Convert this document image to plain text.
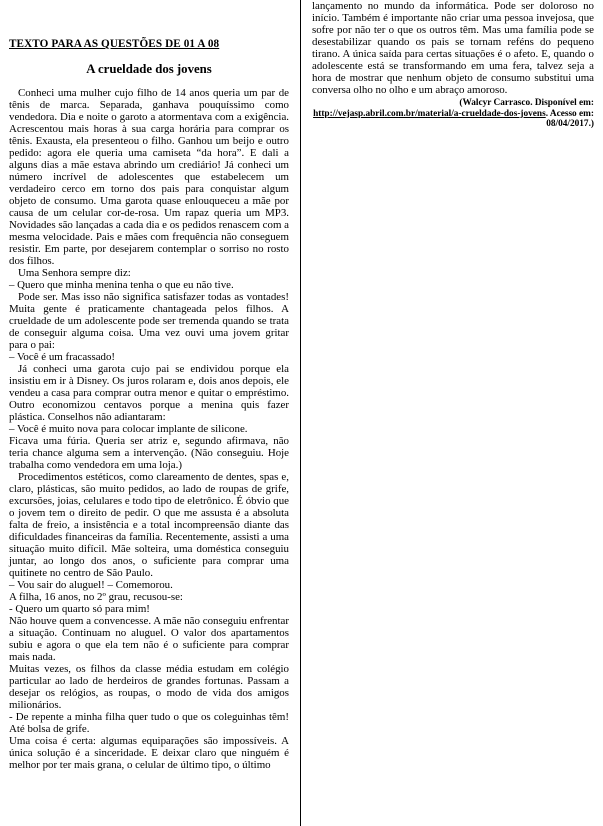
TEXTO PARA AS QUESTÕES DE 01 A 08
A crueldade dos jovens

Conheci uma mulher cujo filho de 14 anos queria um par de tênis de marca. Separada, ganhava pouquíssimo como vendedora. Dia e noite o garoto a atormentava com a exigência. Acrescentou mais horas à sua carga horária para comprar os tênis. Exausta, ela presenteou o filho. Ganhou um beijo e outro pedido: agora ele queria uma camiseta “da hora”. E dali a alguns dias a mãe estava abrindo um crediário! Já conheci um número incrível de adolescentes que estabelecem um verdadeiro cerco em torno dos pais para conquistar algum objeto de consumo. Uma garota quase enlouqueceu a mãe por causa de um celular cor-de-rosa. Um rapaz queria um MP3. Novidades são lançadas a cada dia e os pedidos renascem com a mesma velocidade. Pais e mães com frequência não conseguem resistir. Em parte, por desejarem contemplar o sorriso no rosto dos filhos.

Uma Senhora sempre diz:

– Quero que minha menina tenha o que eu não tive.

Pode ser. Mas isso não significa satisfazer todas as vontades! Muita gente é praticamente chantageada pelos filhos. A crueldade de um adolescente pode ser tremenda quando se trata de conseguir alguma coisa. Uma vez ouvi uma jovem gritar para o pai:

– Você é um fracassado!

Já conheci uma garota cujo pai se endividou porque ela insistiu em ir à Disney. Os juros rolaram e, dois anos depois, ele vendeu a casa para comprar outra menor e quitar o empréstimo. Outro economizou centavos porque a menina quis fazer plástica. Conselhos não adiantaram:

– Você é muito nova para colocar implante de silicone.

Ficava uma fúria. Queria ser atriz e, segundo afirmava, não teria chance alguma sem a intervenção. (Não conseguiu. Hoje trabalha como vendedora em uma loja.)

Procedimentos estéticos, como clareamento de dentes, spas e, claro, plásticas, são muito pedidos, ao lado de roupas de grife, excursões, joias, celulares e todo tipo de eletrônico. É óbvio que o jovem tem o direito de pedir. O que me assusta é a absoluta falta de freio, a insistência e a total incompreensão diante das dificuldades financeiras da família. Recentemente, assisti a uma situação muito difícil. Mãe solteira, uma doméstica conseguiu juntar, ao longo dos anos, o suficiente para comprar uma quitinete no centro de São Paulo.

– Vou sair do aluguel! – Comemorou.

A filha, 16 anos, no 2º grau, recusou-se:

- Quero um quarto só para mim!

Não houve quem a convencesse. A mãe não conseguiu enfrentar a situação. Continuam no aluguel. O valor dos apartamentos subiu e agora o que ela tem não é o suficiente para comprar mais nada.

Muitas vezes, os filhos da classe média estudam em colégio particular ao lado de herdeiros de grandes fortunas. Passam a desejar os relógios, as roupas, o modo de vida dos amigos milionários.

- De repente a minha filha quer tudo o que os coleguinhas têm! Até bolsa de grife.

Uma coisa é certa: algumas equiparações são impossíveis. A única solução é a sinceridade. E deixar claro que ninguém é melhor por ter mais grana, o celular de último tipo, o último

lançamento no mundo da informática. Pode ser doloroso no início. Também é importante não criar uma pessoa invejosa, que sofre por não ter o que os outros têm. Mas uma família pode se desestabilizar quando os pais se tornam reféns do pequeno tirano. A única saída para certas situações é o afeto. E, quando o adolescente está se transformando em uma fera, talvez seja a hora de mostrar que nenhum objeto de consumo substitui uma conversa olho no olho e um abraço amoroso.

(Walcyr Carrasco. Disponível em: http://vejasp.abril.com.br/material/a-crueldade-dos-jovens. Acesso em: 08/04/2017.)
